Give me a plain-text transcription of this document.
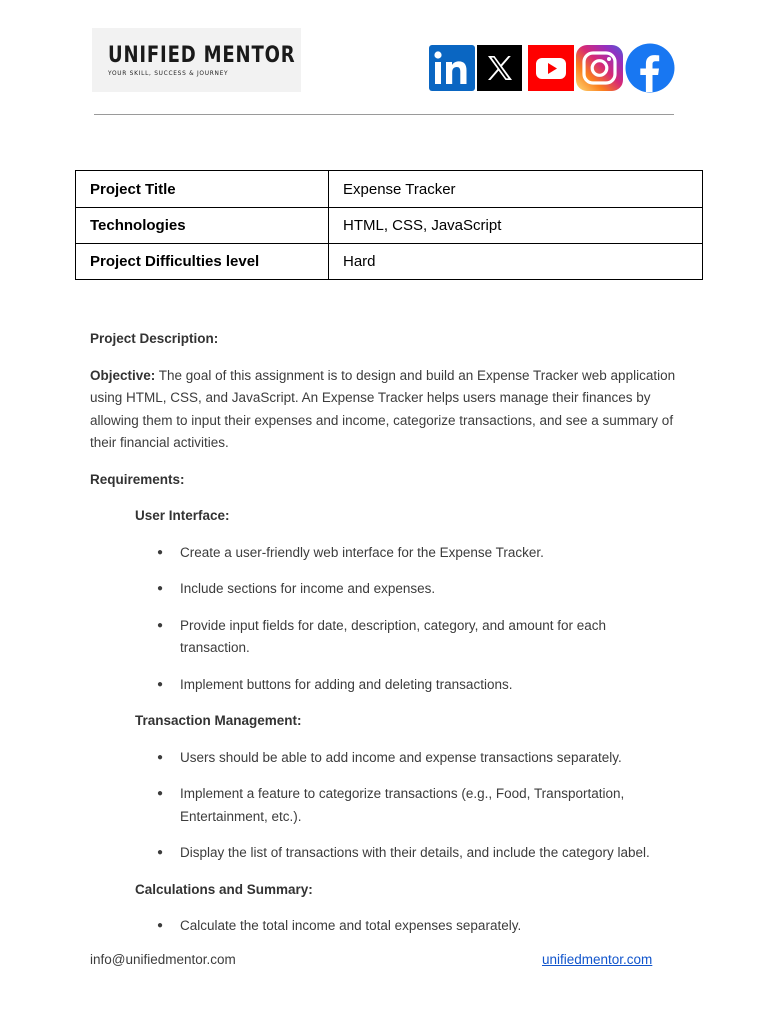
UNIFIED MENTOR
YOUR SKILL, SUCCESS & JOURNEY
Project Title	Expense Tracker
Technologies	HTML, CSS, JavaScript
Project Difficulties level	Hard

Project Description:

Objective: The goal of this assignment is to design and build an Expense Tracker web application using HTML, CSS, and JavaScript. An Expense Tracker helps users manage their finances by allowing them to input their expenses and income, categorize transactions, and see a summary of their financial activities.

Requirements:

User Interface:

● Create a user-friendly web interface for the Expense Tracker.
● Include sections for income and expenses.
● Provide input fields for date, description, category, and amount for each transaction.
● Implement buttons for adding and deleting transactions.

Transaction Management:

● Users should be able to add income and expense transactions separately.
● Implement a feature to categorize transactions (e.g., Food, Transportation, Entertainment, etc.).
● Display the list of transactions with their details, and include the category label.

Calculations and Summary:

● Calculate the total income and total expenses separately.
info@unifiedmentor.com	unifiedmentor.com
